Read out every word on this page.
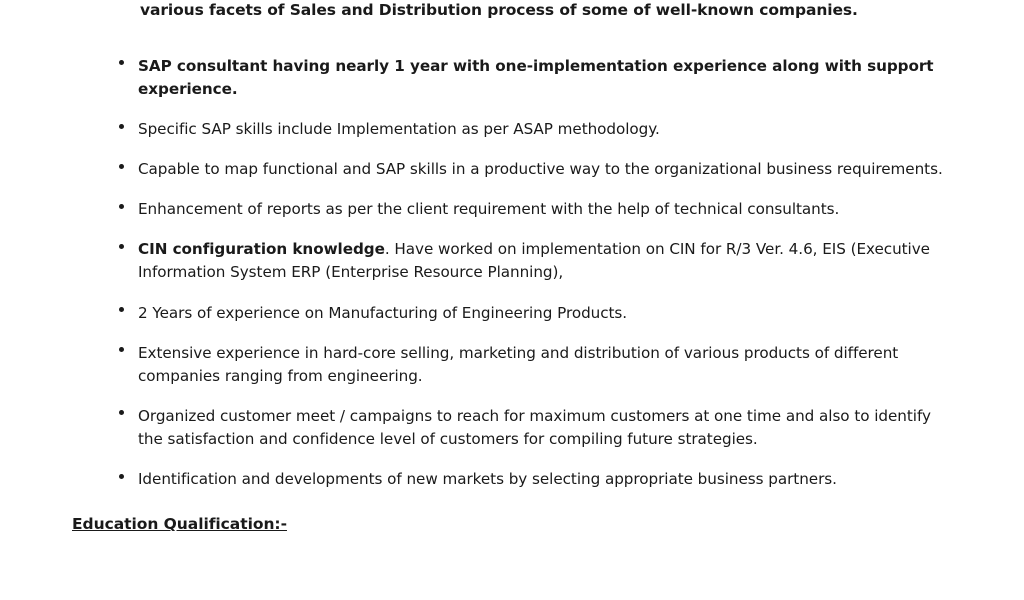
various facets of Sales and Distribution process of some of well-known companies.

SAP consultant having nearly 1 year with one-implementation experience along with support experience.
Specific SAP skills include Implementation as per ASAP methodology.
Capable to map functional and SAP skills in a productive way to the organizational business requirements.
Enhancement of reports as per the client requirement with the help of technical consultants.
CIN configuration knowledge. Have worked on implementation on CIN for R/3 Ver. 4.6, EIS (Executive Information System ERP (Enterprise Resource Planning),
2 Years of experience on Manufacturing of Engineering Products.
Extensive experience in hard-core selling, marketing and distribution of various products of different companies ranging from engineering.
Organized customer meet / campaigns to reach for maximum customers at one time and also to identify the satisfaction and confidence level of customers for compiling future strategies.
Identification and developments of new markets by selecting appropriate business partners.
Education Qualification:-
